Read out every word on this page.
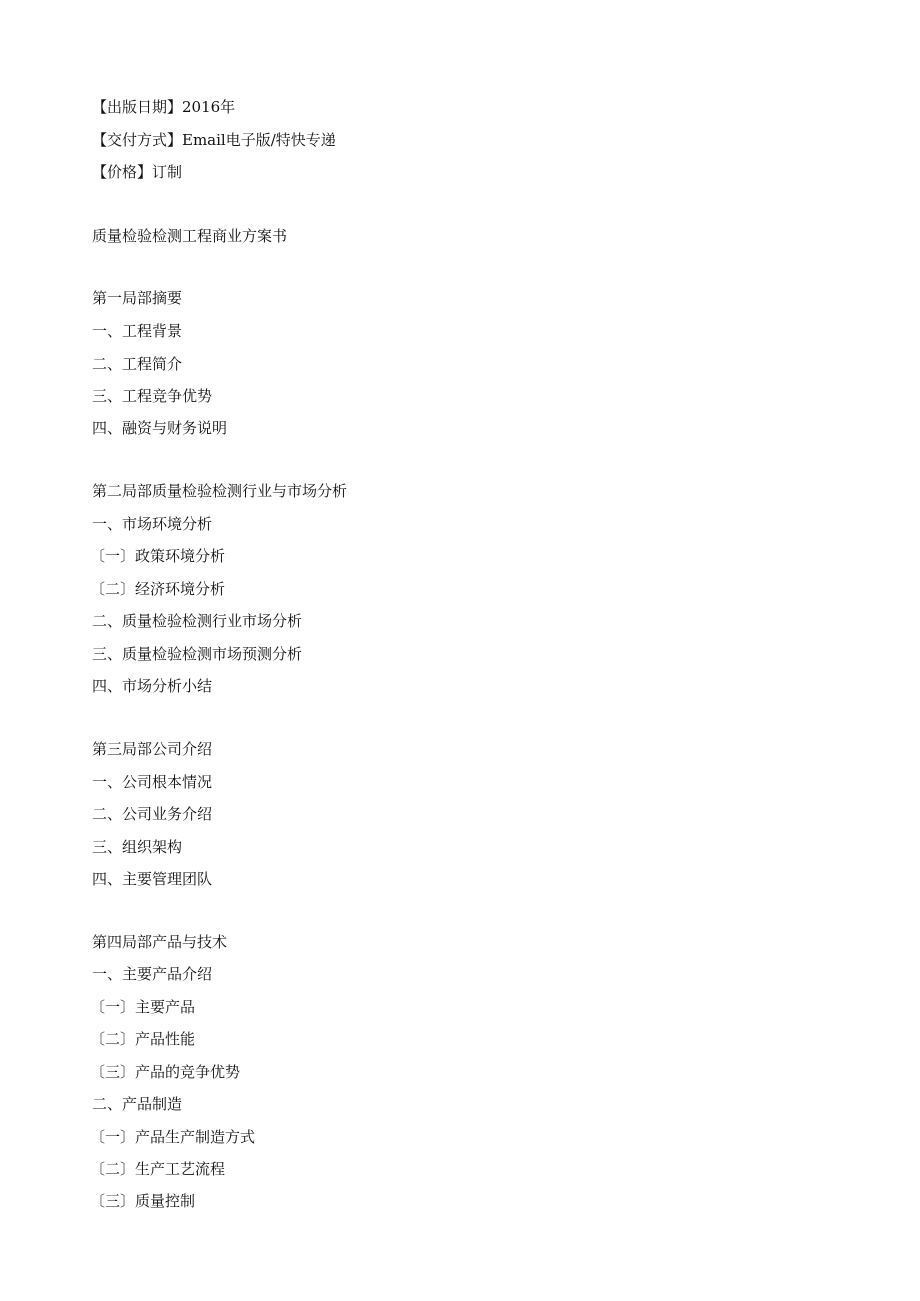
【出版日期】2016年
【交付方式】Email电子版/特快专递
【价格】订制
质量检验检测工程商业方案书
第一局部摘要
一、工程背景
二、工程简介
三、工程竞争优势
四、融资与财务说明
第二局部质量检验检测行业与市场分析
一、市场环境分析
〔一〕政策环境分析
〔二〕经济环境分析
二、质量检验检测行业市场分析
三、质量检验检测市场预测分析
四、市场分析小结
第三局部公司介绍
一、公司根本情况
二、公司业务介绍
三、组织架构
四、主要管理团队
第四局部产品与技术
一、主要产品介绍
〔一〕主要产品
〔二〕产品性能
〔三〕产品的竞争优势
二、产品制造
〔一〕产品生产制造方式
〔二〕生产工艺流程
〔三〕质量控制
